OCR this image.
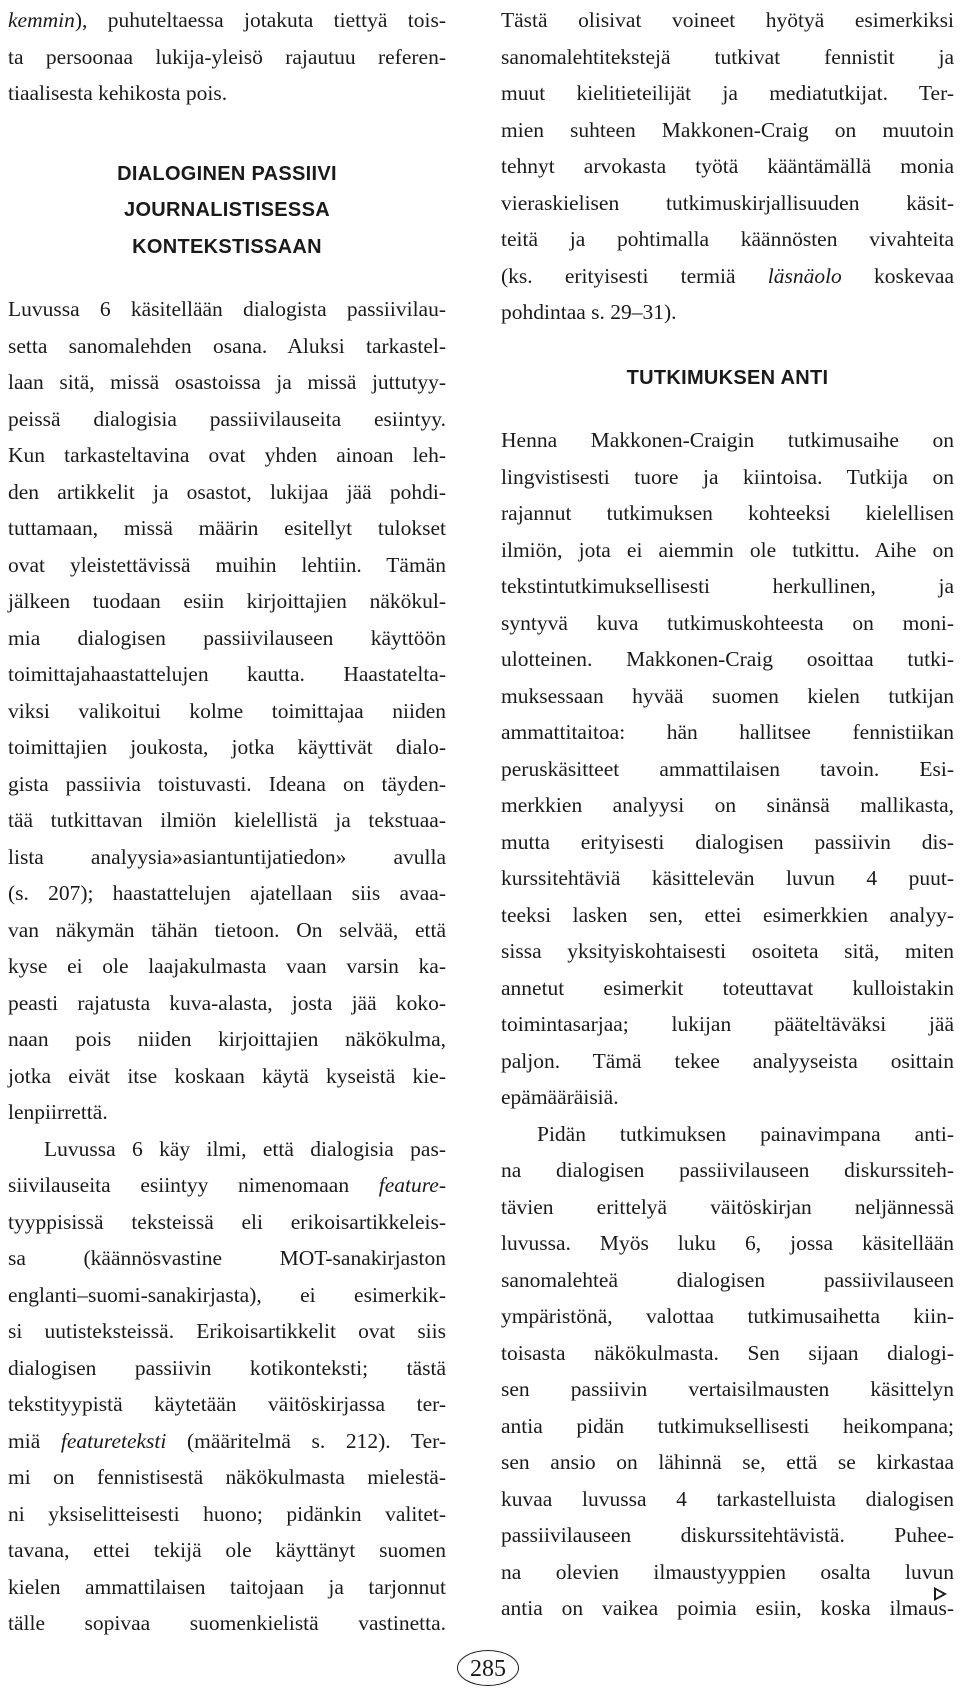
kemmin), puhuteltaessa jotakuta tiettyä tois-
ta persoonaa lukija-yleisö rajautuu referen-
tiaalisesta kehikosta pois.
DIALOGINEN PASSIIVI
JOURNALISTISESSA
KONTEKSTISSAAN
Luvussa 6 käsitellään dialogista passiivilau-
setta sanomalehden osana. Aluksi tarkastel-
laan sitä, missä osastoissa ja missä juttutyy-
peissä dialogisia passiivilauseita esiintyy.
Kun tarkasteltavina ovat yhden ainoan leh-
den artikkelit ja osastot, lukijaa jää pohdi-
tuttamaan, missä määrin esitellyt tulokset
ovat yleistettävissä muihin lehtiin. Tämän
jälkeen tuodaan esiin kirjoittajien näkökul-
mia dialogisen passiivilauseen käyttöön
toimittajahaastattelujen kautta. Haastatelta-
viksi valikoitui kolme toimittajaa niiden
toimittajien joukosta, jotka käyttivät dialo-
gista passiivia toistuvasti. Ideana on täyden-
tää tutkittavan ilmiön kielellistä ja tekstuaa-
lista analyysia»asiantuntijatiedon» avulla
(s. 207); haastattelujen ajatellaan siis avaa-
van näkymän tähän tietoon. On selvää, että
kyse ei ole laajakulmasta vaan varsin ka-
peasti rajatusta kuva-alasta, josta jää koko-
naan pois niiden kirjoittajien näkökulma,
jotka eivät itse koskaan käytä kyseistä kie-
lenpiirrettä.
Luvussa 6 käy ilmi, että dialogisia pas-
siivilauseita esiintyy nimenomaan feature-
tyyppisissä teksteissä eli erikoisartikkeleis-
sa (käännösvastine MOT-sanakirjaston
englanti–suomi-sanakirjasta), ei esimerkik-
si uutisteksteissä. Erikoisartikkelit ovat siis
dialogisen passiivin kotikonteksti; tästä
tekstityypistä käytetään väitöskirjassa ter-
miä featureteksti (määritelmä s. 212). Ter-
mi on fennistisestä näkökulmasta mielestä-
ni yksiselitteisesti huono; pidänkin valitet-
tavana, ettei tekijä ole käyttänyt suomen
kielen ammattilaisen taitojaan ja tarjonnut
tälle sopivaa suomenkielistä vastinetta.
Tästä olisivat voineet hyötyä esimerkiksi
sanomalehtitekstejä tutkivat fennistit ja
muut kielitieteilijät ja mediatutkijat. Ter-
mien suhteen Makkonen-Craig on muutoin
tehnyt arvokasta työtä kääntämällä monia
vieraskielisen tutkimuskirjallisuuden käsit-
teitä ja pohtimalla käännösten vivahteita
(ks. erityisesti termiä läsnäolo koskevaa
pohdintaa s. 29–31).
TUTKIMUKSEN ANTI
Henna Makkonen-Craigin tutkimusaihe on
lingvistisesti tuore ja kiintoisa. Tutkija on
rajannut tutkimuksen kohteeksi kielellisen
ilmiön, jota ei aiemmin ole tutkittu. Aihe on
tekstintutkimuksellisesti herkullinen, ja
syntyvä kuva tutkimuskohteesta on moni-
ulotteinen. Makkonen-Craig osoittaa tutki-
muksessaan hyvää suomen kielen tutkijan
ammattitaitoa: hän hallitsee fennistiikan
peruskäsitteet ammattilaisen tavoin. Esi-
merkkien analyysi on sinänsä mallikasta,
mutta erityisesti dialogisen passiivin dis-
kurssitehtäviä käsittelevän luvun 4 puut-
teeksi lasken sen, ettei esimerkkien analyy-
sissa yksityiskohtaisesti osoiteta sitä, miten
annetut esimerkit toteuttavat kulloistakin
toimintasarjaa; lukijan pääteltäväksi jää
paljon. Tämä tekee analyyseista osittain
epämääräisiä.
Pidän tutkimuksen painavimpana anti-
na dialogisen passiivilauseen diskurssiteh-
tävien erittelyä väitöskirjan neljännessä
luvussa. Myös luku 6, jossa käsitellään
sanomalehteä dialogisen passiivilauseen
ympäristönä, valottaa tutkimusaihetta kiin-
toisasta näkökulmasta. Sen sijaan dialogi-
sen passiivin vertaisilmausten käsittelyn
antia pidän tutkimuksellisesti heikompana;
sen ansio on lähinnä se, että se kirkastaa
kuvaa luvussa 4 tarkastelluista dialogisen
passiivilauseen diskurssitehtävistä. Puhee-
na olevien ilmaustyyppien osalta luvun
antia on vaikea poimia esiin, koska ilmaus-
285
